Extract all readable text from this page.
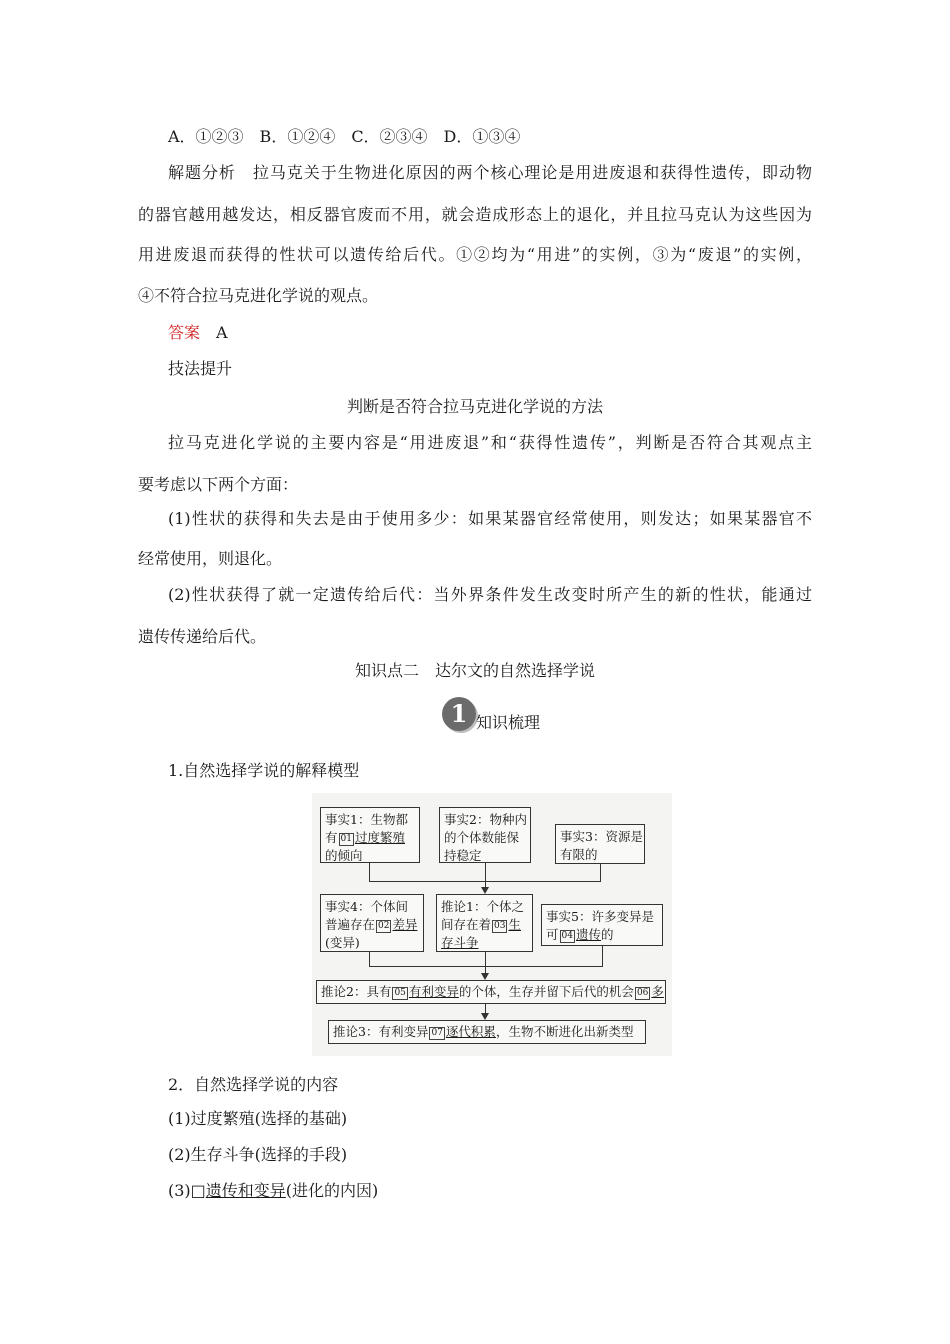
A．①②③　B．①②④　C．②③④　D．①③④
解题分析　拉马克关于生物进化原因的两个核心理论是用进废退和获得性遗传，即动物
的器官越用越发达，相反器官废而不用，就会造成形态上的退化，并且拉马克认为这些因为
用进废退而获得的性状可以遗传给后代。①②均为“用进”的实例，③为“废退”的实例，
④不符合拉马克进化学说的观点。
答案　 A
技法提升
判断是否符合拉马克进化学说的方法
拉马克进化学说的主要内容是“用进废退”和“获得性遗传”，判断是否符合其观点主
要考虑以下两个方面：
(1)性状的获得和失去是由于使用多少：如果某器官经常使用，则发达；如果某器官不
经常使用，则退化。
(2)性状获得了就一定遗传给后代：当外界条件发生改变时所产生的新的性状，能通过
遗传传递给后代。
知识点二　达尔文的自然选择学说
1 知识梳理
1.自然选择学说的解释模型
事实1：生物都
有 01 过度繁殖
的倾向
事实2：物种内
的个体数能保
持稳定
事实3：资源是
有限的
事实4：个体间
普遍存在 02 差异
(变异)
推论1：个体之
间存在着 03 生
存斗争
事实5：许多变异是
可 04 遗传的
推论2：具有 05 有利变异的个体，生存并留下后代的机会 06 多
推论3：有利变异 07 逐代积累，生物不断进化出新类型
2．自然选择学说的内容
(1)过度繁殖(选择的基础)
(2)生存斗争(选择的手段)
(3)□遗传和变异(进化的内因)
